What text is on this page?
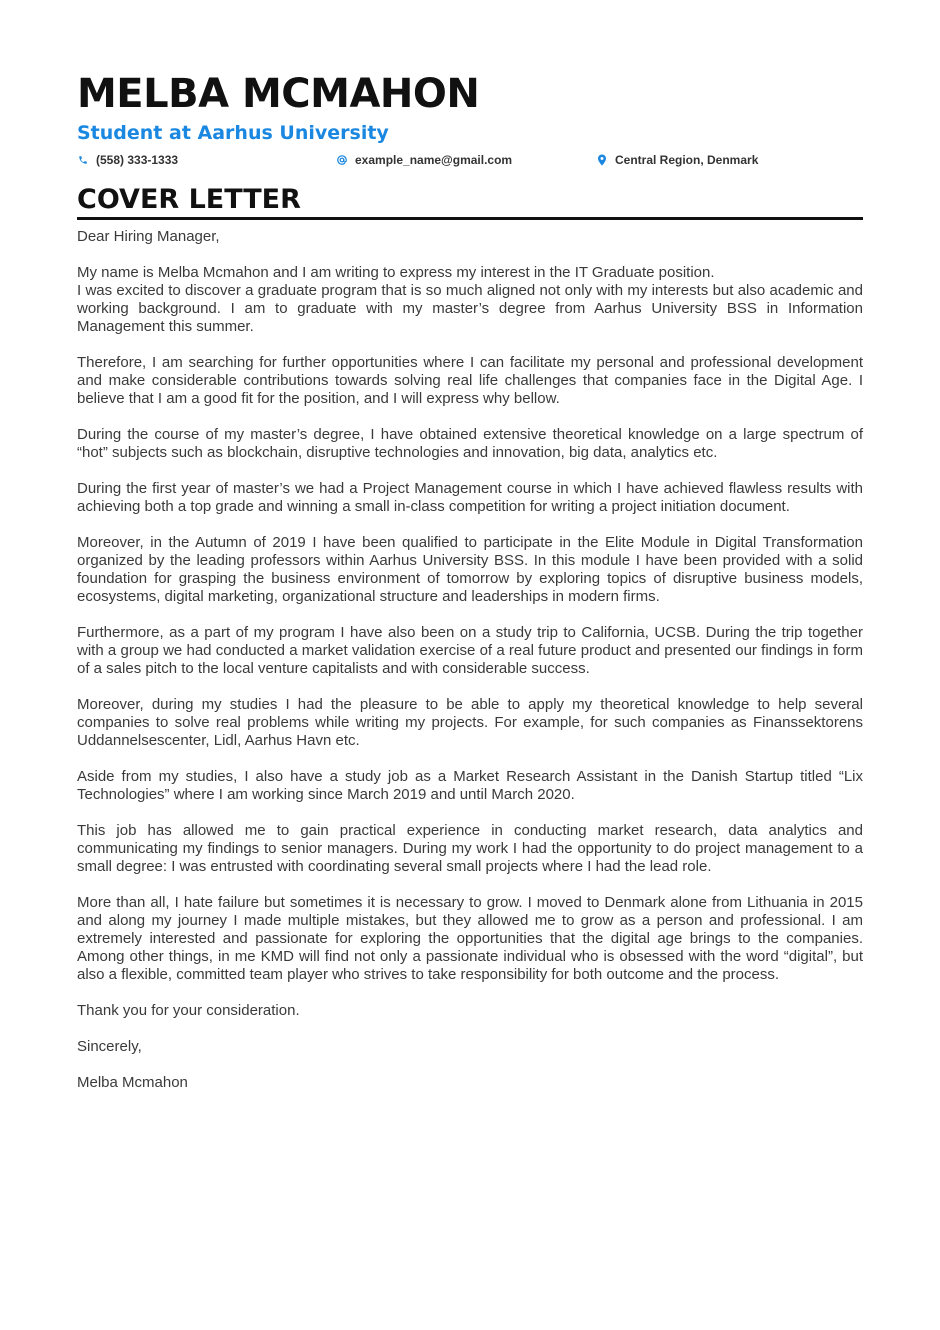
MELBA MCMAHON
Student at Aarhus University
(558) 333-1333	example_name@gmail.com	Central Region, Denmark
COVER LETTER

Dear Hiring Manager,

My name is Melba Mcmahon and I am writing to express my interest in the IT Graduate position.
I was excited to discover a graduate program that is so much aligned not only with my interests but also academic and working background. I am to graduate with my master’s degree from Aarhus University BSS in Information Management this summer.

Therefore, I am searching for further opportunities where I can facilitate my personal and professional development and make considerable contributions towards solving real life challenges that companies face in the Digital Age. I believe that I am a good fit for the position, and I will express why bellow.

During the course of my master’s degree, I have obtained extensive theoretical knowledge on a large spectrum of “hot” subjects such as blockchain, disruptive technologies and innovation, big data, analytics etc.

During the first year of master’s we had a Project Management course in which I have achieved flawless results with achieving both a top grade and winning a small in-class competition for writing a project initiation document.

Moreover, in the Autumn of 2019 I have been qualified to participate in the Elite Module in Digital Transformation organized by the leading professors within Aarhus University BSS. In this module I have been provided with a solid foundation for grasping the business environment of tomorrow by exploring topics of disruptive business models, ecosystems, digital marketing, organizational structure and leaderships in modern firms.

Furthermore, as a part of my program I have also been on a study trip to California, UCSB. During the trip together with a group we had conducted a market validation exercise of a real future product and presented our findings in form of a sales pitch to the local venture capitalists and with considerable success.

Moreover, during my studies I had the pleasure to be able to apply my theoretical knowledge to help several companies to solve real problems while writing my projects. For example, for such companies as Finanssektorens Uddannelsescenter, Lidl, Aarhus Havn etc.

Aside from my studies, I also have a study job as a Market Research Assistant in the Danish Startup titled “Lix Technologies” where I am working since March 2019 and until March 2020.

This job has allowed me to gain practical experience in conducting market research, data analytics and communicating my findings to senior managers. During my work I had the opportunity to do project management to a small degree: I was entrusted with coordinating several small projects where I had the lead role.

More than all, I hate failure but sometimes it is necessary to grow. I moved to Denmark alone from Lithuania in 2015 and along my journey I made multiple mistakes, but they allowed me to grow as a person and professional. I am extremely interested and passionate for exploring the opportunities that the digital age brings to the companies. Among other things, in me KMD will find not only a passionate individual who is obsessed with the word “digital”, but also a flexible, committed team player who strives to take responsibility for both outcome and the process.

Thank you for your consideration.

Sincerely,

Melba Mcmahon
